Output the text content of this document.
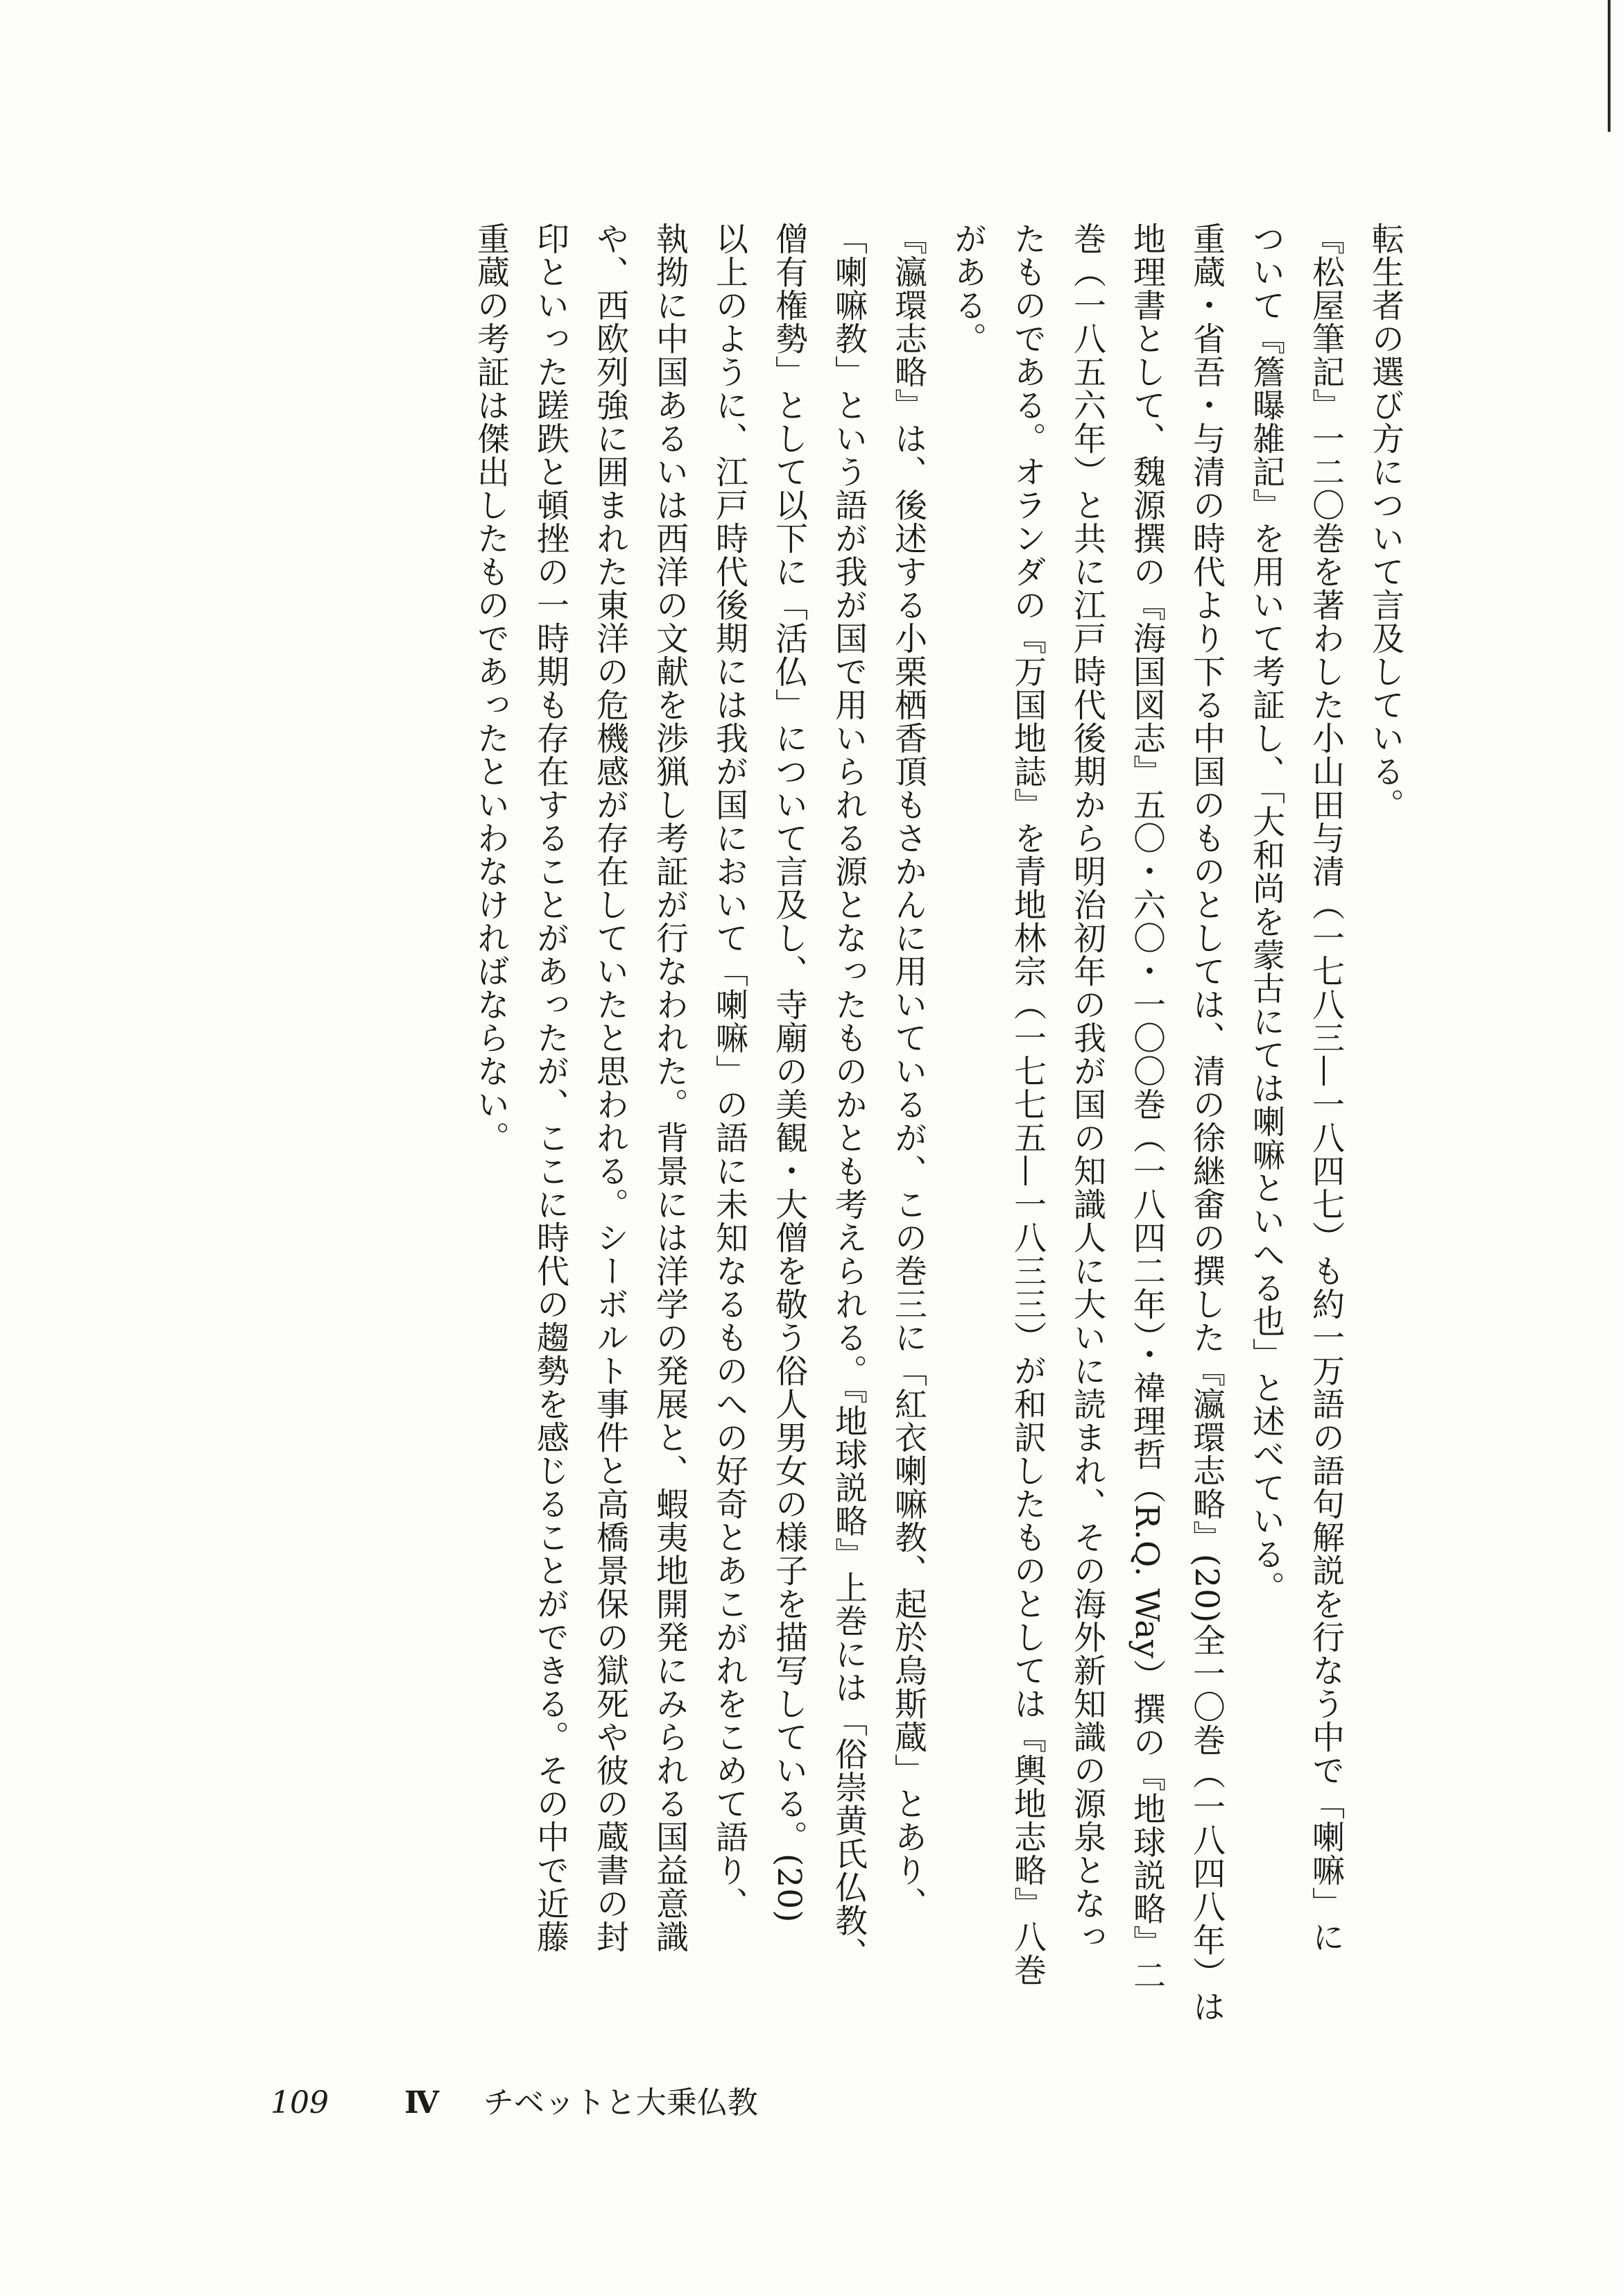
転生者の選び方について言及している。
『松屋筆記』一二〇巻を著わした小山田与清（一七八三—一八四七）も約一万語の語句解説を行なう中で「喇嘛」に
ついて『簷曝雑記』を用いて考証し、「大和尚を蒙古にては喇嘛といへる也」と述べている。
重蔵・省吾・与清の時代より下る中国のものとしては、清の徐継畬の撰した『瀛環志略』(20)全一〇巻（一八四八年）は
地理書として、魏源撰の『海国図志』五〇・六〇・一〇〇巻（一八四二年）・禕理哲（R.Q. Way）撰の『地球説略』二
巻（一八五六年）と共に江戸時代後期から明治初年の我が国の知識人に大いに読まれ、その海外新知識の源泉となっ
たものである。オランダの『万国地誌』を青地林宗（一七七五—一八三三）が和訳したものとしては『輿地志略』八巻
がある。
『瀛環志略』は、後述する小栗栖香頂もさかんに用いているが、この巻三に「紅衣喇嘛教、起於烏斯蔵」とあり、
「喇嘛教」という語が我が国で用いられる源となったものかとも考えられる。『地球説略』上巻には「俗崇黄氏仏教、
僧有権勢」として以下に「活仏」について言及し、寺廟の美観・大僧を敬う俗人男女の様子を描写している。(20)
以上のように、江戸時代後期には我が国において「喇嘛」の語に未知なるものへの好奇とあこがれをこめて語り、
執拗に中国あるいは西洋の文献を渉猟し考証が行なわれた。背景には洋学の発展と、蝦夷地開発にみられる国益意識
や、西欧列強に囲まれた東洋の危機感が存在していたと思われる。シーボルト事件と高橋景保の獄死や彼の蔵書の封
印といった蹉跌と頓挫の一時期も存在することがあったが、ここに時代の趨勢を感じることができる。その中で近藤
重蔵の考証は傑出したものであったといわなければならない。
109 Ⅳ チベットと大乗仏教
